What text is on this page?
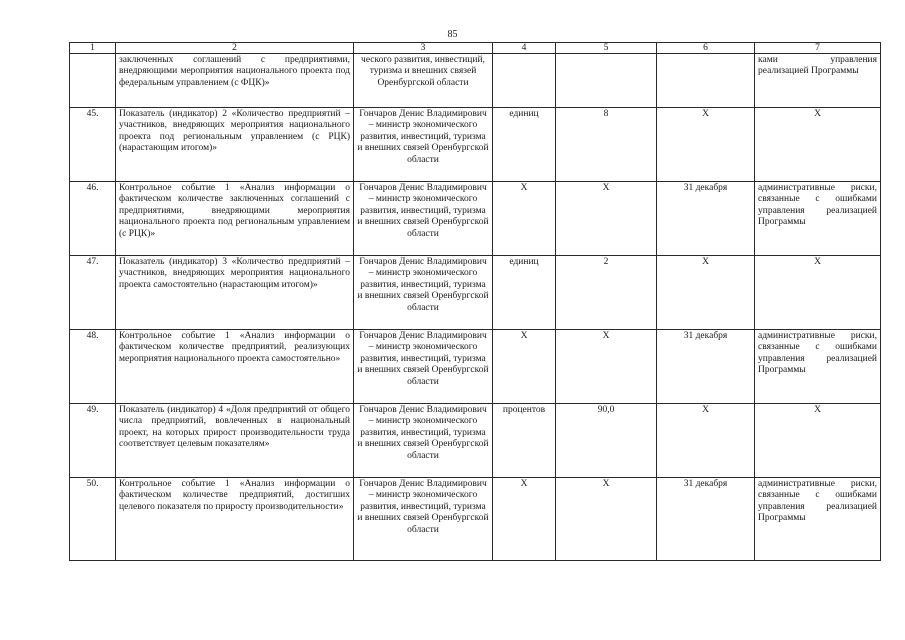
85
1	2	3	4	5	6	7
	заключенных соглашений с предприятиями, внедряющими мероприятия национального проекта под федеральным управлением (с ФЦК)»	ческого развития, инвестиций, туризма и внешних связей Оренбургской области				ками управления реализацией Программы
45.	Показатель (индикатор) 2 «Количество предприятий – участников, внедряющих мероприятия национального проекта под региональным управлением (с РЦК) (нарастающим итогом)»	Гончаров Денис Владимирович – министр экономического развития, инвестиций, туризма и внешних связей Оренбургской области	единиц	8	X	X
46.	Контрольное событие 1 «Анализ информации о фактическом количестве заключенных соглашений с предприятиями, внедряющими мероприятия национального проекта под региональным управлением (с РЦК)»	Гончаров Денис Владимирович – министр экономического развития, инвестиций, туризма и внешних связей Оренбургской области	X	X	31 декабря	административные риски, связанные с ошибками управления реализацией Программы
47.	Показатель (индикатор) 3 «Количество предприятий – участников, внедряющих мероприятия национального проекта самостоятельно (нарастающим итогом)»	Гончаров Денис Владимирович – министр экономического развития, инвестиций, туризма и внешних связей Оренбургской области	единиц	2	X	X
48.	Контрольное событие 1 «Анализ информации о фактическом количестве предприятий, реализующих мероприятия национального проекта самостоятельно»	Гончаров Денис Владимирович – министр экономического развития, инвестиций, туризма и внешних связей Оренбургской области	X	X	31 декабря	административные риски, связанные с ошибками управления реализацией Программы
49.	Показатель (индикатор) 4 «Доля предприятий от общего числа предприятий, вовлеченных в национальный проект, на которых прирост производительности труда соответствует целевым показателям»	Гончаров Денис Владимирович – министр экономического развития, инвестиций, туризма и внешних связей Оренбургской области	процентов	90,0	X	X
50.	Контрольное событие 1 «Анализ информации о фактическом количестве предприятий, достигших целевого показателя по приросту производительности»	Гончаров Денис Владимирович – министр экономического развития, инвестиций, туризма и внешних связей Оренбургской области	X	X	31 декабря	административные риски, связанные с ошибками управления реализацией Программы
